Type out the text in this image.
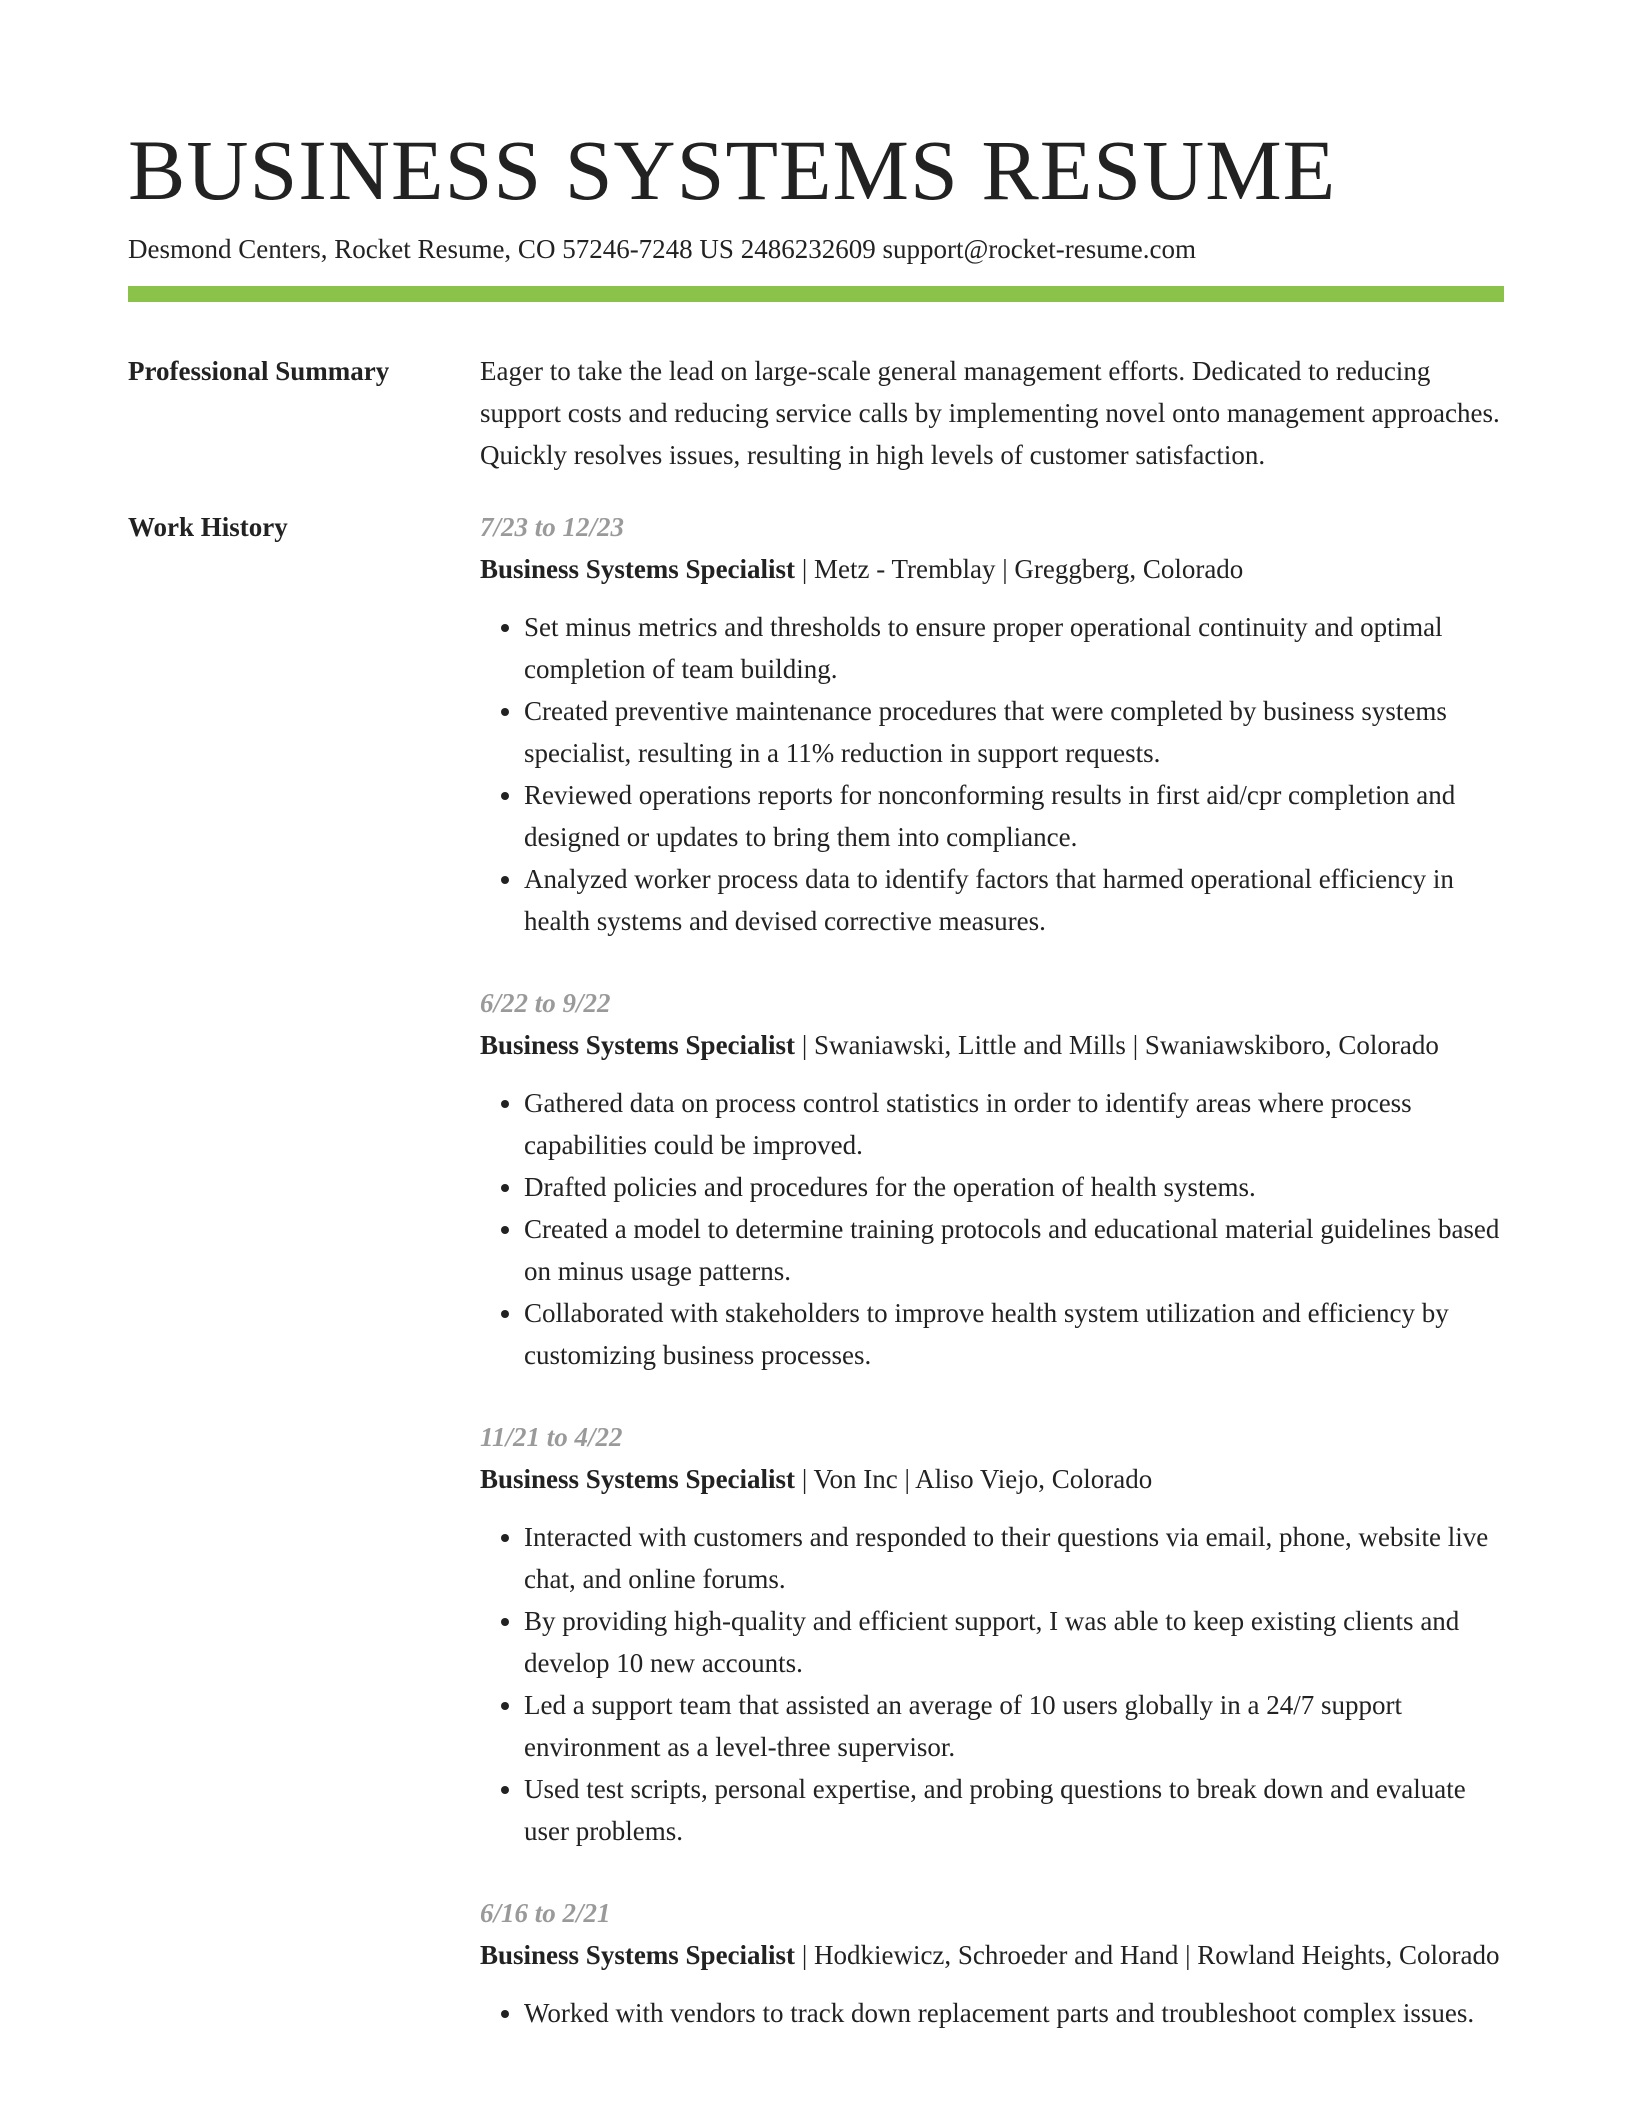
BUSINESS SYSTEMS RESUME
Desmond Centers, Rocket Resume, CO 57246-7248 US 2486232609 support@rocket-resume.com
Professional Summary	Eager to take the lead on large-scale general management efforts. Dedicated to reducing support costs and reducing service calls by implementing novel onto management approaches. Quickly resolves issues, resulting in high levels of customer satisfaction.

Work History	7/23 to 12/23
Business Systems Specialist | Metz - Tremblay | Greggberg, Colorado
• Set minus metrics and thresholds to ensure proper operational continuity and optimal completion of team building.
• Created preventive maintenance procedures that were completed by business systems specialist, resulting in a 11% reduction in support requests.
• Reviewed operations reports for nonconforming results in first aid/cpr completion and designed or updates to bring them into compliance.
• Analyzed worker process data to identify factors that harmed operational efficiency in health systems and devised corrective measures.
6/22 to 9/22
Business Systems Specialist | Swaniawski, Little and Mills | Swaniawskiboro, Colorado
• Gathered data on process control statistics in order to identify areas where process capabilities could be improved.
• Drafted policies and procedures for the operation of health systems.
• Created a model to determine training protocols and educational material guidelines based on minus usage patterns.
• Collaborated with stakeholders to improve health system utilization and efficiency by customizing business processes.
11/21 to 4/22
Business Systems Specialist | Von Inc | Aliso Viejo, Colorado
• Interacted with customers and responded to their questions via email, phone, website live chat, and online forums.
• By providing high-quality and efficient support, I was able to keep existing clients and develop 10 new accounts.
• Led a support team that assisted an average of 10 users globally in a 24/7 support environment as a level-three supervisor.
• Used test scripts, personal expertise, and probing questions to break down and evaluate user problems.
6/16 to 2/21
Business Systems Specialist | Hodkiewicz, Schroeder and Hand | Rowland Heights, Colorado
• Worked with vendors to track down replacement parts and troubleshoot complex issues.
